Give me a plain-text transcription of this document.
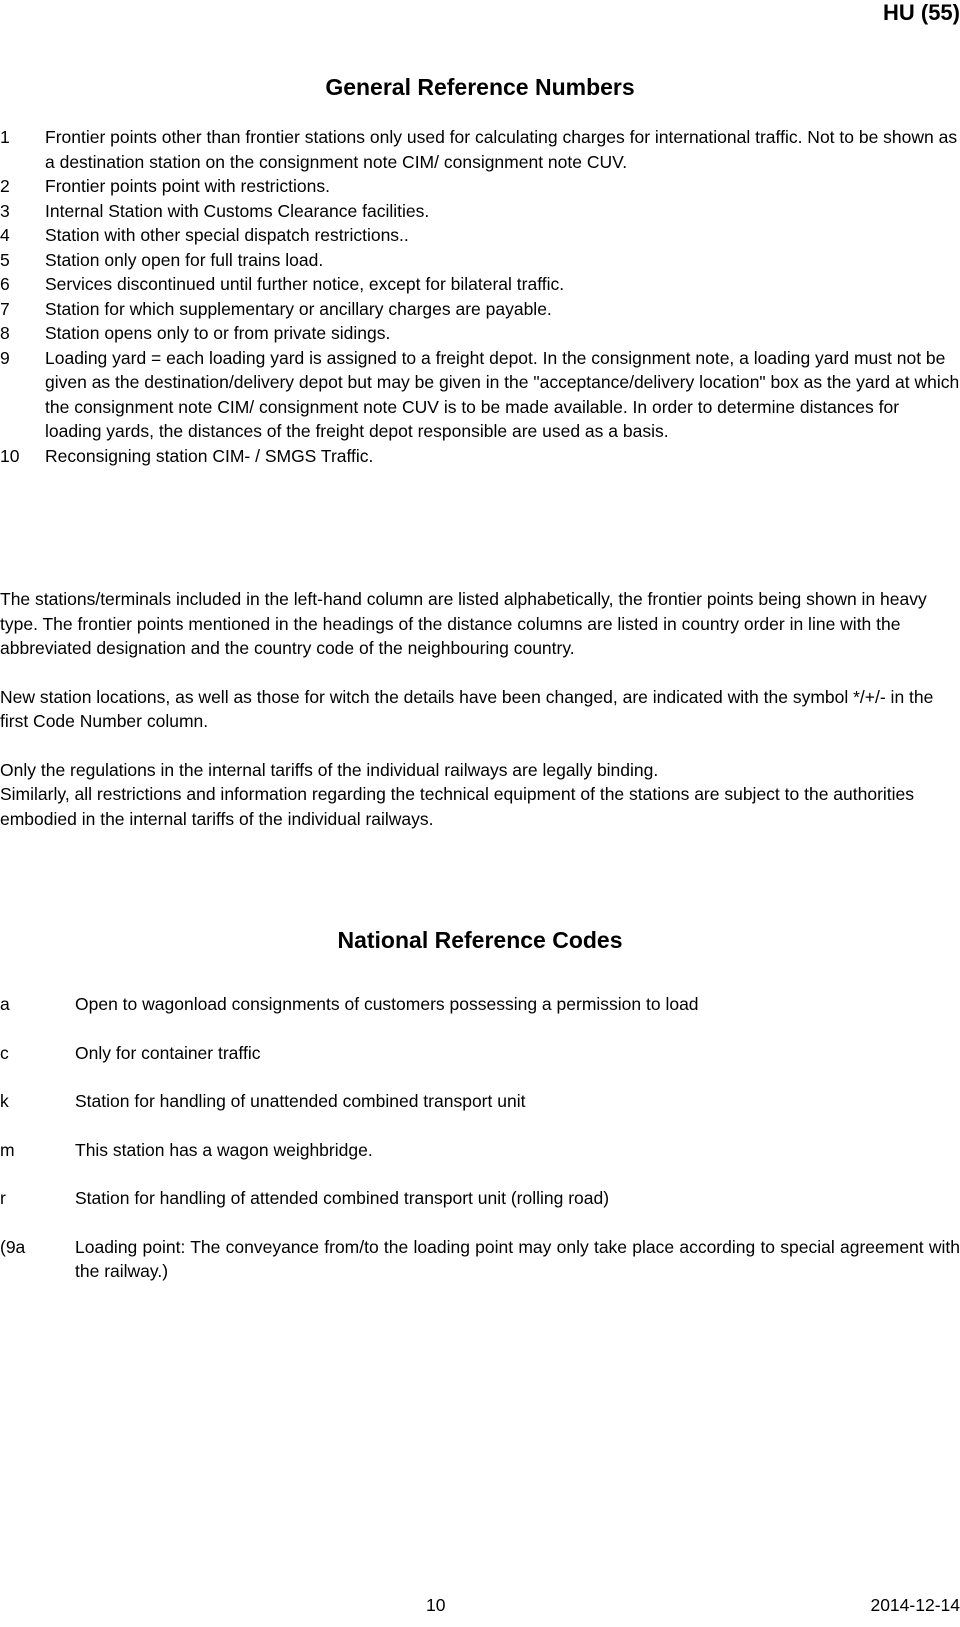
HU (55)
General Reference Numbers
1	Frontier points other than frontier stations only used for calculating charges for international traffic. Not to be shown as a destination station on the consignment note CIM/ consignment note CUV.
2	Frontier points point with restrictions.
3	Internal Station with Customs Clearance facilities.
4	Station with other special dispatch restrictions..
5	Station only open for full trains load.
6	Services discontinued until further notice, except for bilateral traffic.
7	Station for which supplementary or ancillary charges are payable.
8	Station opens only to or from private sidings.
9	Loading yard = each loading yard is assigned to a freight depot. In the consignment note, a loading yard must not be given as the destination/delivery depot but may be given in the "acceptance/delivery location" box as the yard at which the consignment note CIM/ consignment note CUV is to be made available. In order to determine distances for loading yards, the distances of the freight depot responsible are used as a basis.
10	Reconsigning station CIM- / SMGS Traffic.

The stations/terminals included in the left-hand column are listed alphabetically, the frontier points being shown in heavy type. The frontier points mentioned in the headings of the distance columns are listed in country order in line with the abbreviated designation and the country code of the neighbouring country.

New station locations, as well as those for witch the details have been changed, are indicated with the symbol */+/- in the first Code Number column.

Only the regulations in the internal tariffs of the individual railways are legally binding.

Similarly, all restrictions and information regarding the technical equipment of the stations are subject to the authorities embodied in the internal tariffs of the individual railways.

National Reference Codes
a	Open to wagonload consignments of customers possessing a permission to load
c	Only for container traffic
k	Station for handling of unattended combined transport unit
m	This station has a wagon weighbridge.
r	Station for handling of attended combined transport unit (rolling road)
(9a	Loading point: The conveyance from/to the loading point may only take place according to special agreement with the railway.)
10	2014-12-14
